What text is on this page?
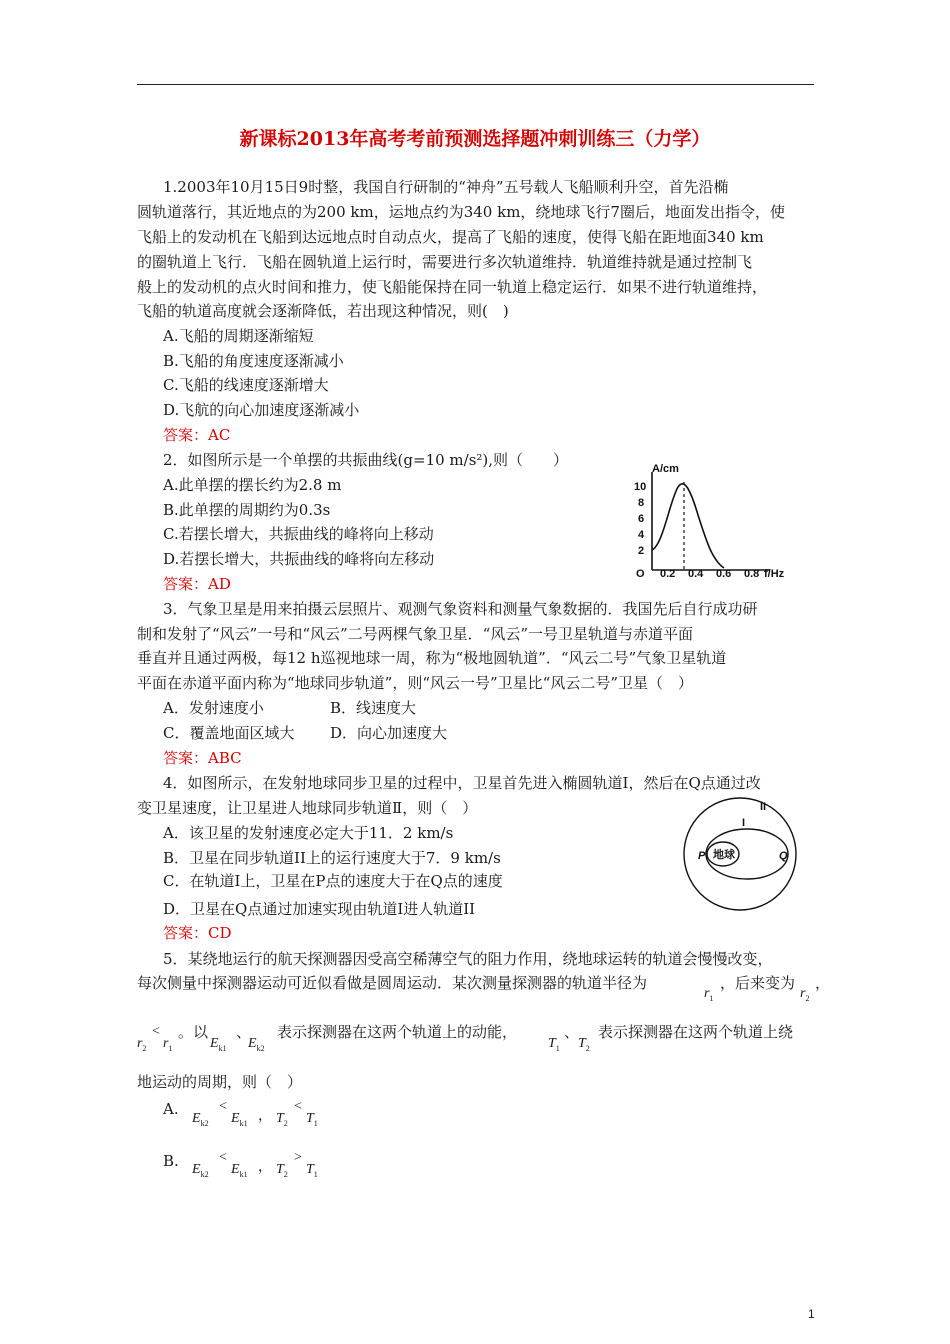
新课标2013年高考考前预测选择题冲刺训练三（力学）
1.2003年10月15日9时整，我国自行研制的“神舟”五号载人飞船顺利升空，首先沿椭
圆轨道落行，其近地点的为200 km，运地点约为340 km，绕地球飞行7圈后，地面发出指令，使
飞船上的发动机在飞船到达远地点时自动点火，提高了飞船的速度，使得飞船在距地面340 km
的圈轨道上飞行．飞船在圆轨道上运行时，需要进行多次轨道维持．轨道维持就是通过控制飞
般上的发动机的点火时间和推力，使飞船能保持在同一轨道上稳定运行．如果不进行轨道维持，
飞船的轨道高度就会逐渐降低，若出现这种情况，则(　)
A.飞船的周期逐渐缩短
B.飞船的角度速度逐渐减小
C.飞船的线速度逐渐增大
D.飞航的向心加速度逐渐减小
答案：AC
2．如图所示是一个单摆的共振曲线(g=10 m/s²),则（　　）
A.此单摆的摆长约为2.8 m
B.此单摆的周期约为0.3s
C.若摆长增大，共振曲线的峰将向上移动
D.若摆长增大，共振曲线的峰将向左移动
答案：AD
A/cm
10
8
6
4
2
O 0.2 0.4 0.6 0.8 f/Hz
3．气象卫星是用来拍摄云层照片、观测气象资料和测量气象数据的．我国先后自行成功研
制和发射了“风云”一号和“风云”二号两棵气象卫星．“风云”一号卫星轨道与赤道平面
垂直并且通过两极，每12 h巡视地球一周，称为“极地圆轨道”．“风云二号”气象卫星轨道
平面在赤道平面内称为“地球同步轨道”，则“风云一号”卫星比“风云二号”卫星（　）
A．发射速度小	B．线速度大
C．覆盖地面区域大 D．向心加速度大
答案：ABC
4．如图所示，在发射地球同步卫星的过程中，卫星首先进入椭圆轨道Ⅰ，然后在Q点通过改
变卫星速度，让卫星进人地球同步轨道Ⅱ，则（　）
A．该卫星的发射速度必定大于11．2 km/s
B．卫星在同步轨道II上的运行速度大于7．9 km/s
C．在轨道Ⅰ上，卫星在P点的速度大于在Q点的速度
D．卫星在Q点通过加速实现由轨道Ⅰ进人轨道II
答案：CD
II
I
P	Q
地球
5．某绕地运行的航天探测器因受高空稀薄空气的阻力作用，绕地球运转的轨道会慢慢改变，
每次侧量中探测器运动可近似看做是圆周运动．某次测量探测器的轨道半径为
$r_1$
，后来变为
$r_2$
，
$r_2$
<
$r_1$
。以
$E_{k1}$
、
$E_{k2}$
表示探测器在这两个轨道上的动能，
$T_1$
、
$T_2$
表示探测器在这两个轨道上绕
地运动的周期，则（　）
A.
$E_{k2}$
<
$E_{k1}$ ， $T_2$
<
$T_1$
B. $E_{k2}$
<
$E_{k1}$ ， $T_2$
>
$T_1$
1
